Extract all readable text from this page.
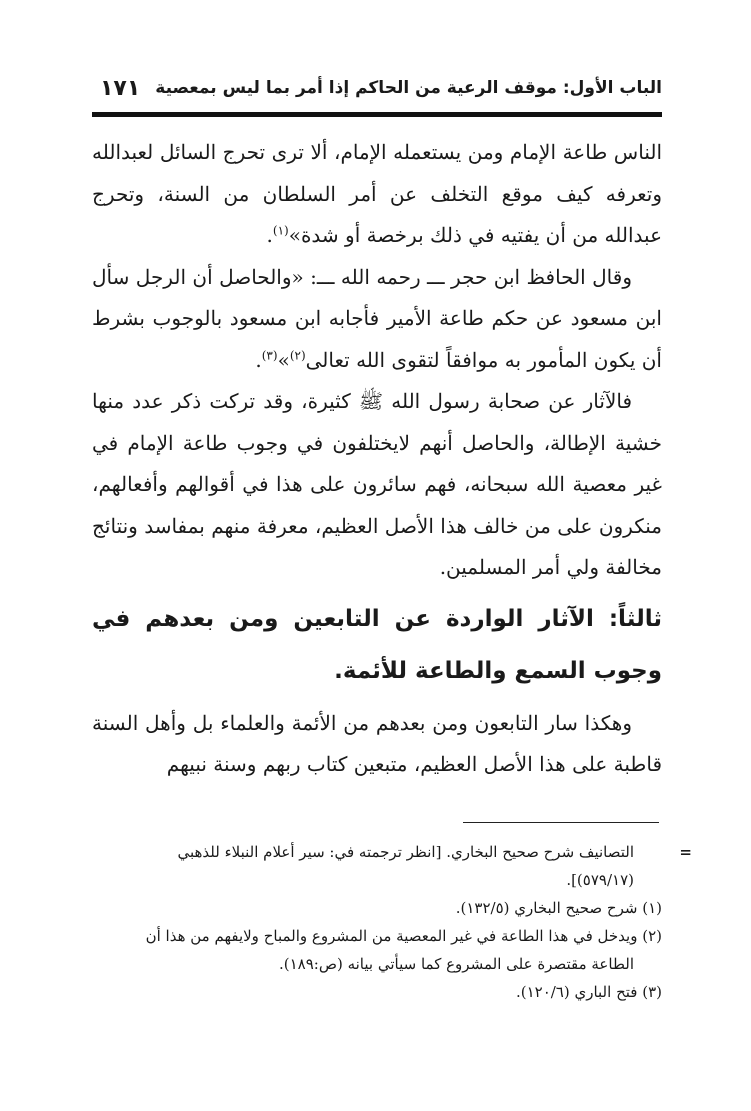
الباب الأول: موقف الرعية من الحاكم إذا أمر بما ليس بمعصية
١٧١

الناس طاعة الإمام ومن يستعمله الإمام، ألا ترى تحرج السائل لعبدالله وتعرفه كيف موقع التخلف عن أمر السلطان من السنة، وتحرج عبدالله من أن يفتيه في ذلك برخصة أو شدة»$^{(١)}$.

وقال الحافظ ابن حجر ـــ رحمه الله ـــ: «والحاصل أن الرجل سأل ابن مسعود عن حكم طاعة الأمير فأجابه ابن مسعود بالوجوب بشرط أن يكون المأمور به موافقاً لتقوى الله تعالى$^{(٢)}$»$^{(٣)}$.

فالآثار عن صحابة رسول الله ﷺ كثيرة، وقد تركت ذكر عدد منها خشية الإطالة، والحاصل أنهم لايختلفون في وجوب طاعة الإمام في غير معصية الله سبحانه، فهم سائرون على هذا في أقوالهم وأفعالهم، منكرون على من خالف هذا الأصل العظيم، معرفة منهم بمفاسد ونتائج مخالفة ولي أمر المسلمين.

ثالثاً: الآثار الواردة عن التابعين ومن بعدهم في وجوب السمع والطاعة للأئمة.

وهكذا سار التابعون ومن بعدهم من الأئمة والعلماء بل وأهل السنة قاطبة على هذا الأصل العظيم، متبعين كتاب ربهم وسنة نبيهم

=
التصانيف شرح صحيح البخاري. [انظر ترجمته في: سير أعلام النبلاء للذهبي
(٥٧٩/١٧)].

(١) شرح صحيح البخاري (١٣٢/٥).

(٢) ويدخل في هذا الطاعة في غير المعصية من المشروع والمباح ولايفهم من هذا أن
الطاعة مقتصرة على المشروع كما سيأتي بيانه (ص:١٨٩).

(٣) فتح الباري (١٢٠/٦).
